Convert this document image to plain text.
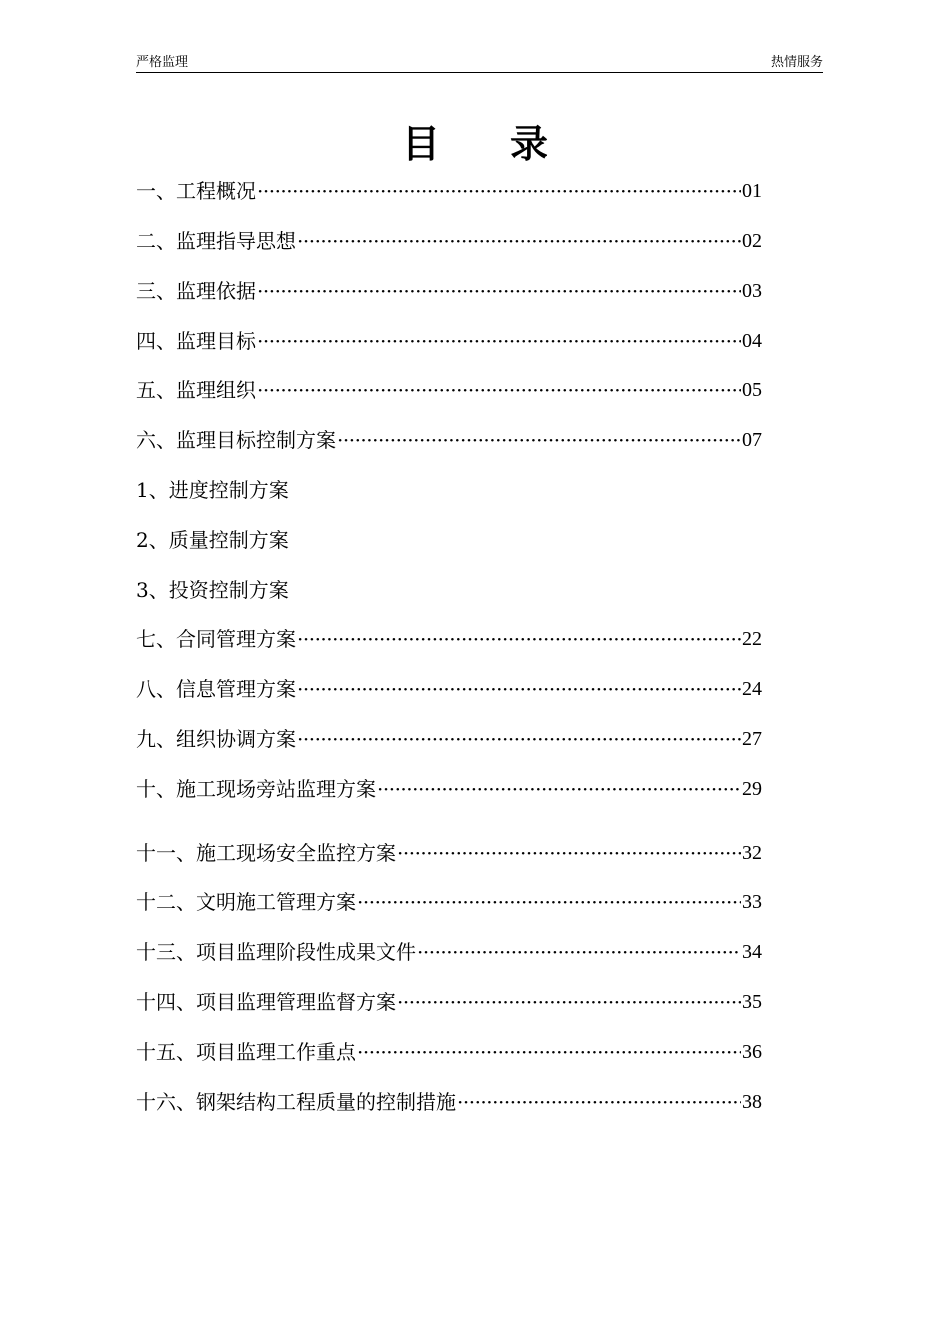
严格监理	热情服务
目 录
一、工程概况 ·····	01
二、监理指导思想 ·····	02
三、监理依据 ·····	03
四、监理目标 ·····	04
五、监理组织 ·····	05
六、监理目标控制方案 ·····	07
1、进度控制方案
2、质量控制方案
3、投资控制方案
七、合同管理方案 ·····	22
八、信息管理方案 ·····	24
九、组织协调方案 ·····	27
十、施工现场旁站监理方案 ·····	29
十一、施工现场安全监控方案 ·····	32
十二、文明施工管理方案 ·····	33
十三、项目监理阶段性成果文件 ·····	34
十四、项目监理管理监督方案 ·····	35
十五、项目监理工作重点 ·····	36
十六、钢架结构工程质量的控制措施 ·····	38
